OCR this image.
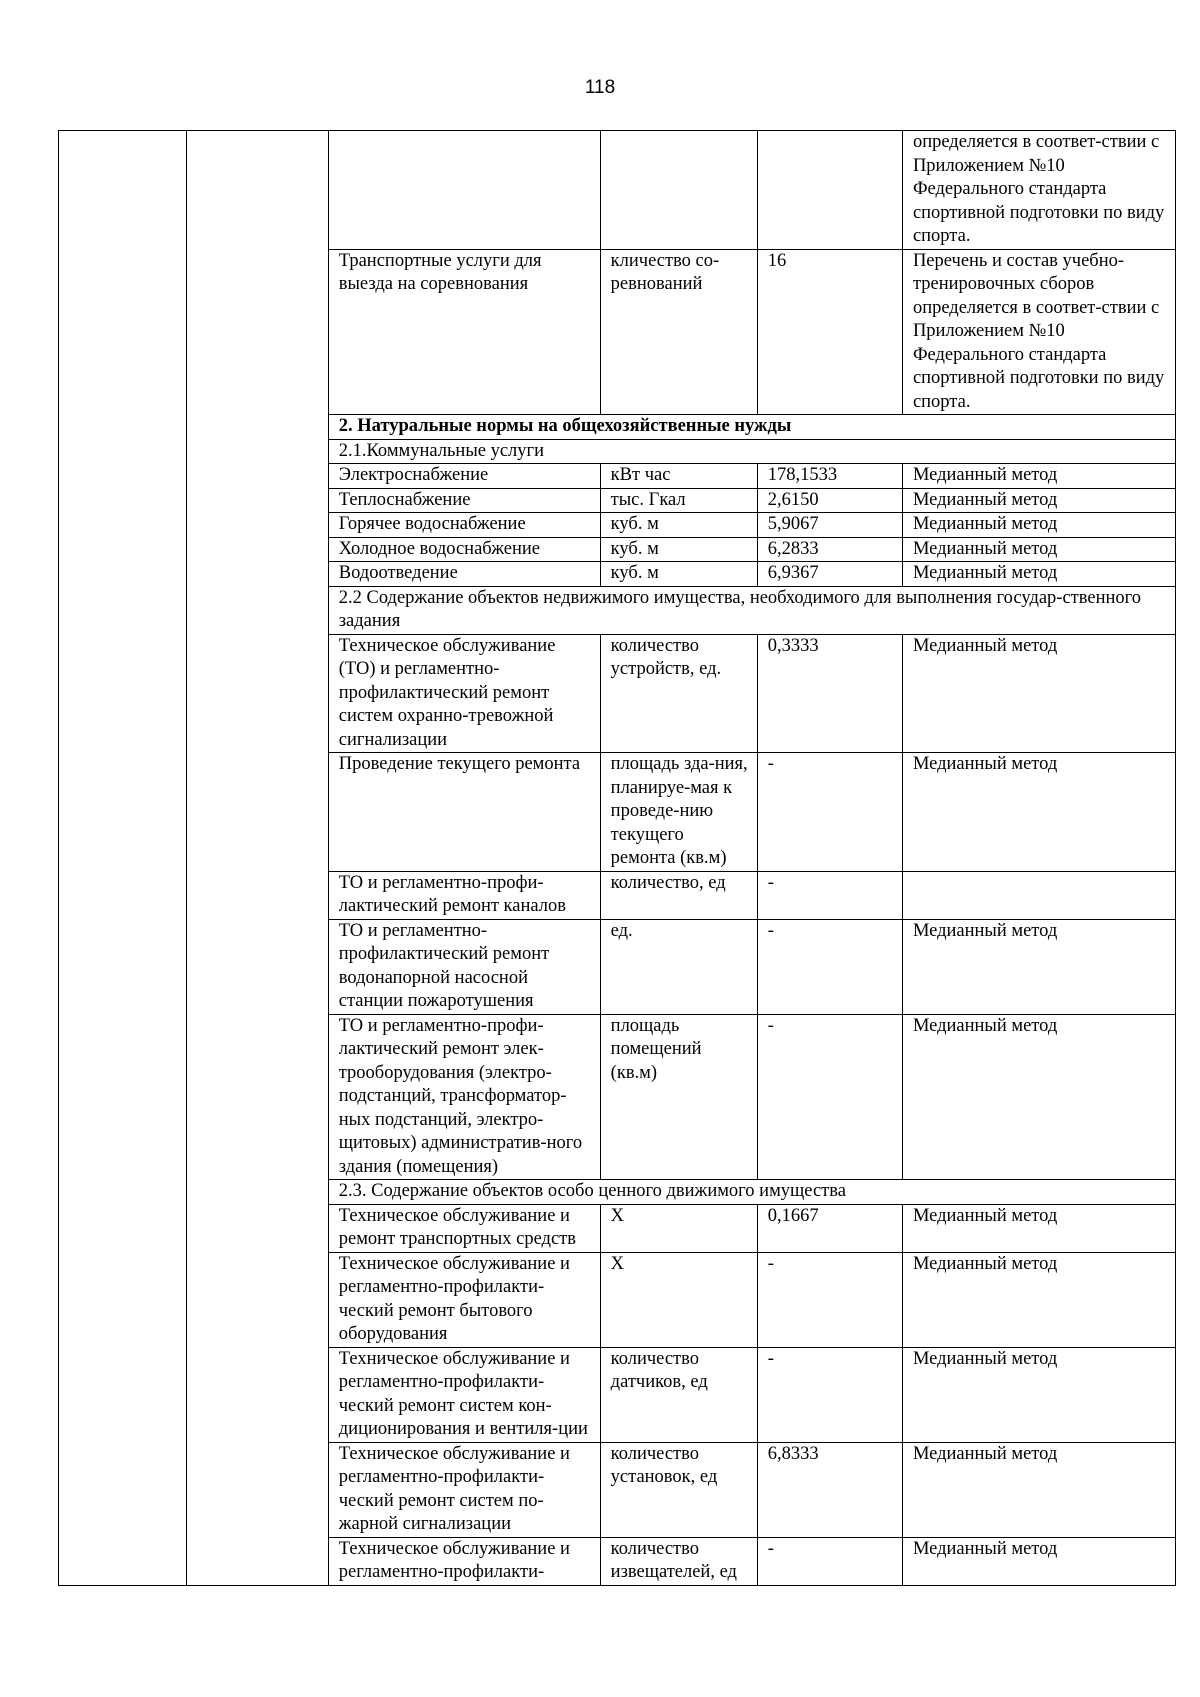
118
					определяется в соответ-ствии с Приложением №10 Федерального стандарта спортивной подготовки по виду спорта.
		Транспортные услуги для выезда на соревнования	кличество со-ревнований	16	Перечень и состав учебно-тренировочных сборов определяется в соответ-ствии с Приложением №10 Федерального стандарта спортивной подготовки по виду спорта.
		2. Натуральные нормы на общехозяйственные нужды			
		2.1.Коммунальные услуги			
		Электроснабжение	кВт час	178,1533	Медианный метод
		Теплоснабжение	тыс. Гкал	2,6150	Медианный метод
		Горячее водоснабжение	куб. м	5,9067	Медианный метод
		Холодное водоснабжение	куб. м	6,2833	Медианный метод
		Водоотведение	куб. м	6,9367	Медианный метод
		2.2 Содержание объектов недвижимого имущества, необходимого для выполнения государ-ственного задания			
		Техническое обслуживание (ТО) и регламентно-профилактический ремонт систем охранно-тревожной сигнализации	количество устройств, ед.	0,3333	Медианный метод
		Проведение текущего ремонта	площадь зда-ния, планируе-мая к проведе-нию текущего ремонта (кв.м)	-	Медианный метод
		ТО и регламентно-профи-лактический ремонт каналов	количество, ед	-	
		ТО и регламентно-профилактический ремонт водонапорной насосной станции пожаротушения	ед.	-	Медианный метод
		ТО и регламентно-профи-лактический ремонт элек-трооборудования (электро-подстанций, трансформатор-ных подстанций, электро-щитовых) административ-ного здания (помещения)	площадь помещений (кв.м)	-	Медианный метод
		2.3. Содержание объектов особо ценного движимого имущества			
		Техническое обслуживание и ремонт транспортных средств	Х	0,1667	Медианный метод
		Техническое обслуживание и регламентно-профилакти-ческий ремонт бытового оборудования	Х	-	Медианный метод
		Техническое обслуживание и регламентно-профилакти-ческий ремонт систем кон-диционирования и вентиля-ции	количество датчиков, ед	-	Медианный метод
		Техническое обслуживание и регламентно-профилакти-ческий ремонт систем по-жарной сигнализации	количество установок, ед	6,8333	Медианный метод
		Техническое обслуживание и регламентно-профилакти-	количество извещателей, ед	-	Медианный метод
